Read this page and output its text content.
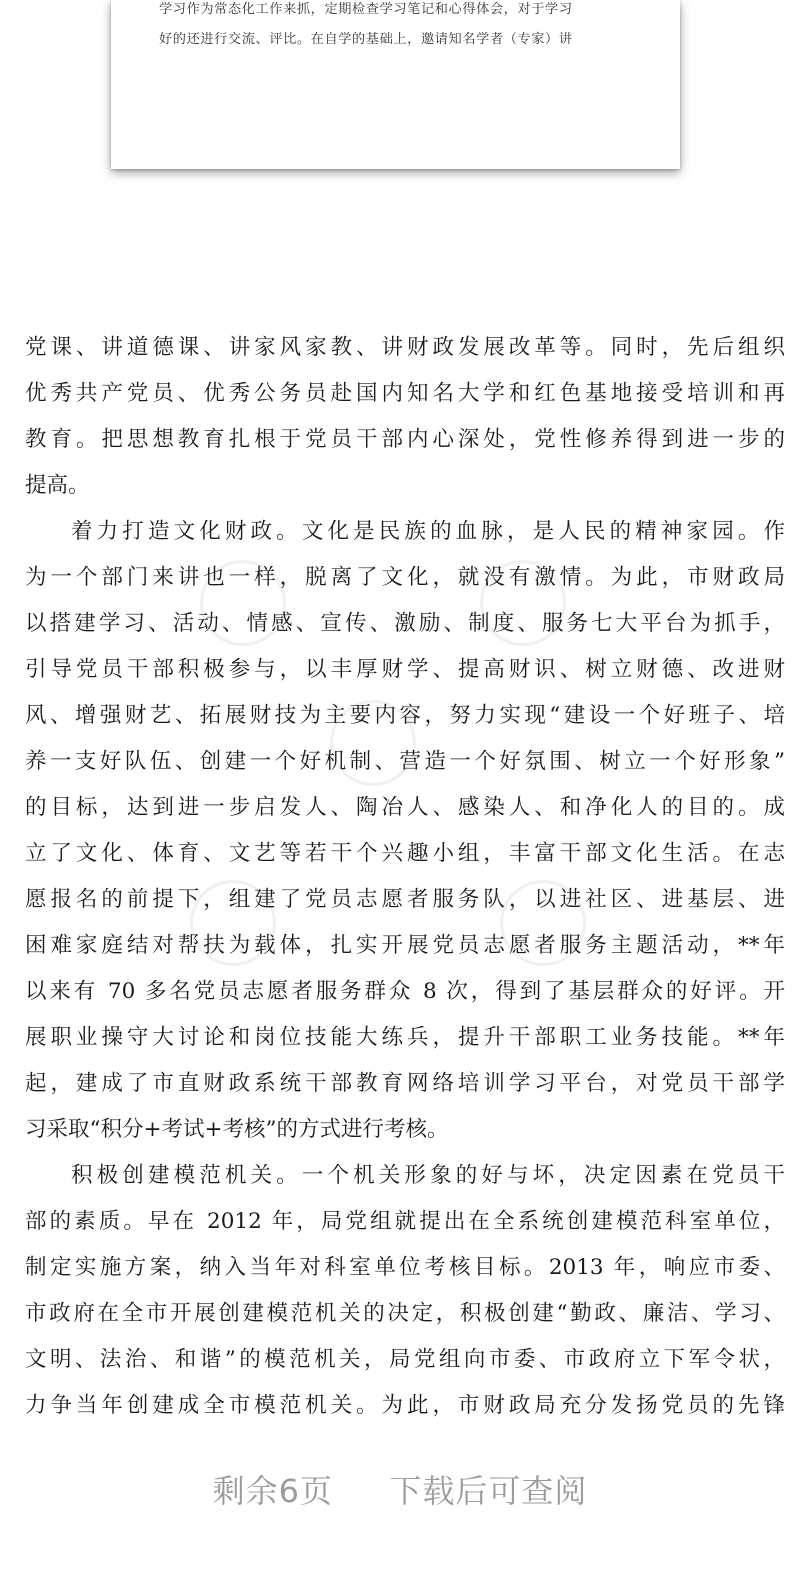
学习作为常态化工作来抓，定期检查学习笔记和心得体会，对于学习
好的还进行交流、评比。在自学的基础上，邀请知名学者（专家）讲
党课、讲道德课、讲家风家教、讲财政发展改革等。同时，先后组织
优秀共产党员、优秀公务员赴国内知名大学和红色基地接受培训和再
教育。把思想教育扎根于党员干部内心深处，党性修养得到进一步的
提高。
着力打造文化财政。文化是民族的血脉，是人民的精神家园。作
为一个部门来讲也一样，脱离了文化，就没有激情。为此，市财政局
以搭建学习、活动、情感、宣传、激励、制度、服务七大平台为抓手，
引导党员干部积极参与，以丰厚财学、提高财识、树立财德、改进财
风、增强财艺、拓展财技为主要内容，努力实现“建设一个好班子、培
养一支好队伍、创建一个好机制、营造一个好氛围、树立一个好形象”
的目标，达到进一步启发人、陶冶人、感染人、和净化人的目的。成
立了文化、体育、文艺等若干个兴趣小组，丰富干部文化生活。在志
愿报名的前提下，组建了党员志愿者服务队，以进社区、进基层、进
困难家庭结对帮扶为载体，扎实开展党员志愿者服务主题活动，**年
以来有 70 多名党员志愿者服务群众 8 次，得到了基层群众的好评。开
展职业操守大讨论和岗位技能大练兵，提升干部职工业务技能。**年
起，建成了市直财政系统干部教育网络培训学习平台，对党员干部学
习采取“积分+考试+考核”的方式进行考核。
积极创建模范机关。一个机关形象的好与坏，决定因素在党员干
部的素质。早在 2012 年，局党组就提出在全系统创建模范科室单位，
制定实施方案，纳入当年对科室单位考核目标。2013 年，响应市委、
市政府在全市开展创建模范机关的决定，积极创建“勤政、廉洁、学习、
文明、法治、和谐”的模范机关，局党组向市委、市政府立下军令状，
力争当年创建成全市模范机关。为此，市财政局充分发扬党员的先锋
剩余6页 下载后可查阅
